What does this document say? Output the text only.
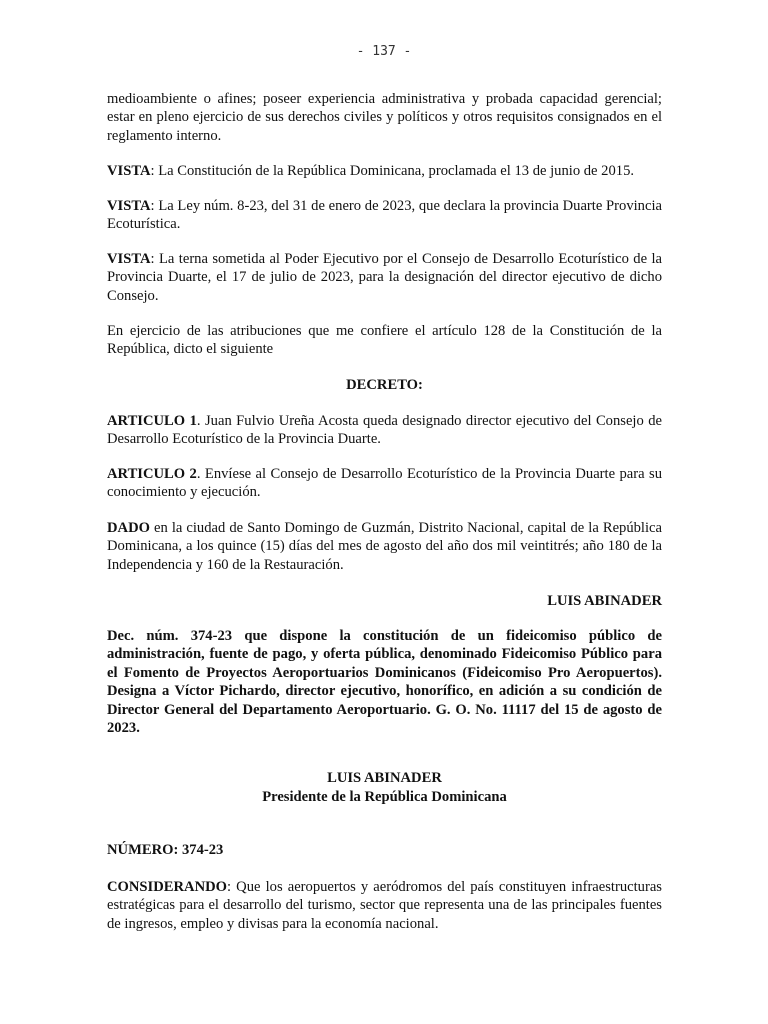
- 137 -

medioambiente o afines; poseer experiencia administrativa y probada capacidad gerencial; estar en pleno ejercicio de sus derechos civiles y políticos y otros requisitos consignados en el reglamento interno.

VISTA: La Constitución de la República Dominicana, proclamada el 13 de junio de 2015.

VISTA: La Ley núm. 8-23, del 31 de enero de 2023, que declara la provincia Duarte Provincia Ecoturística.

VISTA: La terna sometida al Poder Ejecutivo por el Consejo de Desarrollo Ecoturístico de la Provincia Duarte, el 17 de julio de 2023, para la designación del director ejecutivo de dicho Consejo.

En ejercicio de las atribuciones que me confiere el artículo 128 de la Constitución de la República, dicto el siguiente

DECRETO:

ARTICULO 1. Juan Fulvio Ureña Acosta queda designado director ejecutivo del Consejo de Desarrollo Ecoturístico de la Provincia Duarte.

ARTICULO 2. Envíese al Consejo de Desarrollo Ecoturístico de la Provincia Duarte para su conocimiento y ejecución.

DADO en la ciudad de Santo Domingo de Guzmán, Distrito Nacional, capital de la República Dominicana, a los quince (15) días del mes de agosto del año dos mil veintitrés; año 180 de la Independencia y 160 de la Restauración.

LUIS ABINADER

Dec. núm. 374-23 que dispone la constitución de un fideicomiso público de administración, fuente de pago, y oferta pública, denominado Fideicomiso Público para el Fomento de Proyectos Aeroportuarios Dominicanos (Fideicomiso Pro Aeropuertos). Designa a Víctor Pichardo, director ejecutivo, honorífico, en adición a su condición de Director General del Departamento Aeroportuario. G. O. No. 11117 del 15 de agosto de 2023.

LUIS ABINADER

Presidente de la República Dominicana

NÚMERO: 374-23

CONSIDERANDO: Que los aeropuertos y aeródromos del país constituyen infraestructuras estratégicas para el desarrollo del turismo, sector que representa una de las principales fuentes de ingresos, empleo y divisas para la economía nacional.
